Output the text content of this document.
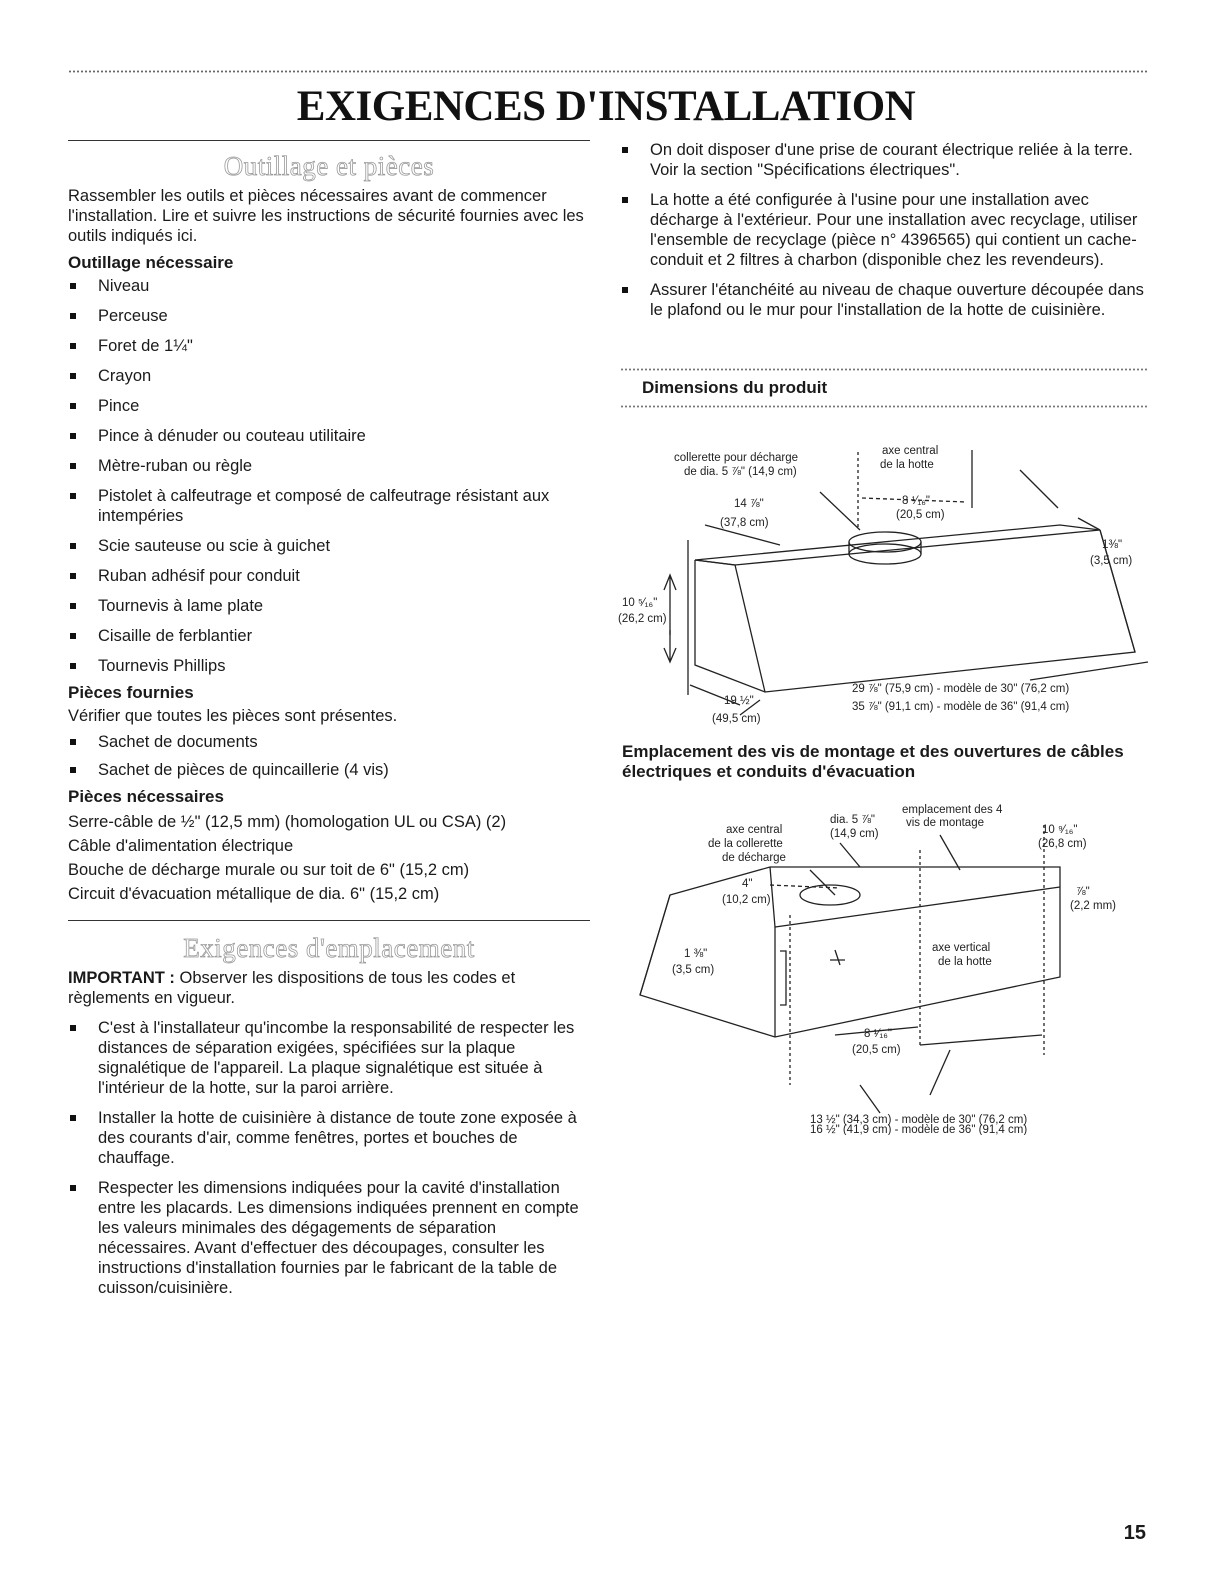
EXIGENCES D'INSTALLATION
Outillage et pièces

Rassembler les outils et pièces nécessaires avant de commencer l'installation. Lire et suivre les instructions de sécurité fournies avec les outils indiqués ici.

Outillage nécessaire
Niveau
Perceuse
Foret de 1¼"
Crayon
Pince
Pince à dénuder ou couteau utilitaire
Mètre-ruban ou règle
Pistolet à calfeutrage et composé de calfeutrage résistant aux intempéries
Scie sauteuse ou scie à guichet
Ruban adhésif pour conduit
Tournevis à lame plate
Cisaille de ferblantier
Tournevis Phillips
Pièces fournies

Vérifier que toutes les pièces sont présentes.

Sachet de documents
Sachet de pièces de quincaillerie (4 vis)
Pièces nécessaires
Serre-câble de ½" (12,5 mm) (homologation UL ou CSA) (2)
Câble d'alimentation électrique
Bouche de décharge murale ou sur toit de 6" (15,2 cm)
Circuit d'évacuation métallique de dia. 6" (15,2 cm)
Exigences d'emplacement

IMPORTANT : Observer les dispositions de tous les codes et règlements en vigueur.

C'est à l'installateur qu'incombe la responsabilité de respecter les distances de séparation exigées, spécifiées sur la plaque signalétique de l'appareil. La plaque signalétique est située à l'intérieur de la hotte, sur la paroi arrière.
Installer la hotte de cuisinière à distance de toute zone exposée à des courants d'air, comme fenêtres, portes et bouches de chauffage.
Respecter les dimensions indiquées pour la cavité d'installation entre les placards. Les dimensions indiquées prennent en compte les valeurs minimales des dégagements de séparation nécessaires. Avant d'effectuer des découpages, consulter les instructions d'installation fournies par le fabricant de la table de cuisson/cuisinière.
On doit disposer d'une prise de courant électrique reliée à la terre. Voir la section "Spécifications électriques".
La hotte a été configurée à l'usine pour une installation avec décharge à l'extérieur. Pour une installation avec recyclage, utiliser l'ensemble de recyclage (pièce n° 4396565) qui contient un cache-conduit et 2 filtres à charbon (disponible chez les revendeurs).
Assurer l'étanchéité au niveau de chaque ouverture découpée dans le plafond ou le mur pour l'installation de la hotte de cuisinière.
Dimensions du produit
collerette pour décharge
de dia. 5 ⅞" (14,9 cm)
axe central
de la hotte
8 ¹⁄₁₆"
(20,5 cm)
14 ⅞"
(37,8 cm)
1⅜"
(3,5 cm)
10 ⁵⁄₁₆"
(26,2 cm)
19 ½"
(49,5 cm)
29 ⅞" (75,9 cm) - modèle de 30" (76,2 cm)
35 ⅞" (91,1 cm) - modèle de 36" (91,4 cm)
Emplacement des vis de montage et des ouvertures de câbles électriques et conduits d'évacuation
emplacement des 4
vis de montage
dia. 5 ⅞"
(14,9 cm)
axe central
de la collerette
de décharge
10 ⁹⁄₁₆"
(26,8 cm)
4"
(10,2 cm)
⅞"
(2,2 mm)
1 ⅜"
(3,5 cm)
axe vertical
de la hotte
8 ¹⁄₁₆"
(20,5 cm)
13 ½" (34,3 cm) - modèle de 30" (76,2 cm)
16 ½" (41,9 cm) - modèle de 36" (91,4 cm)
15
